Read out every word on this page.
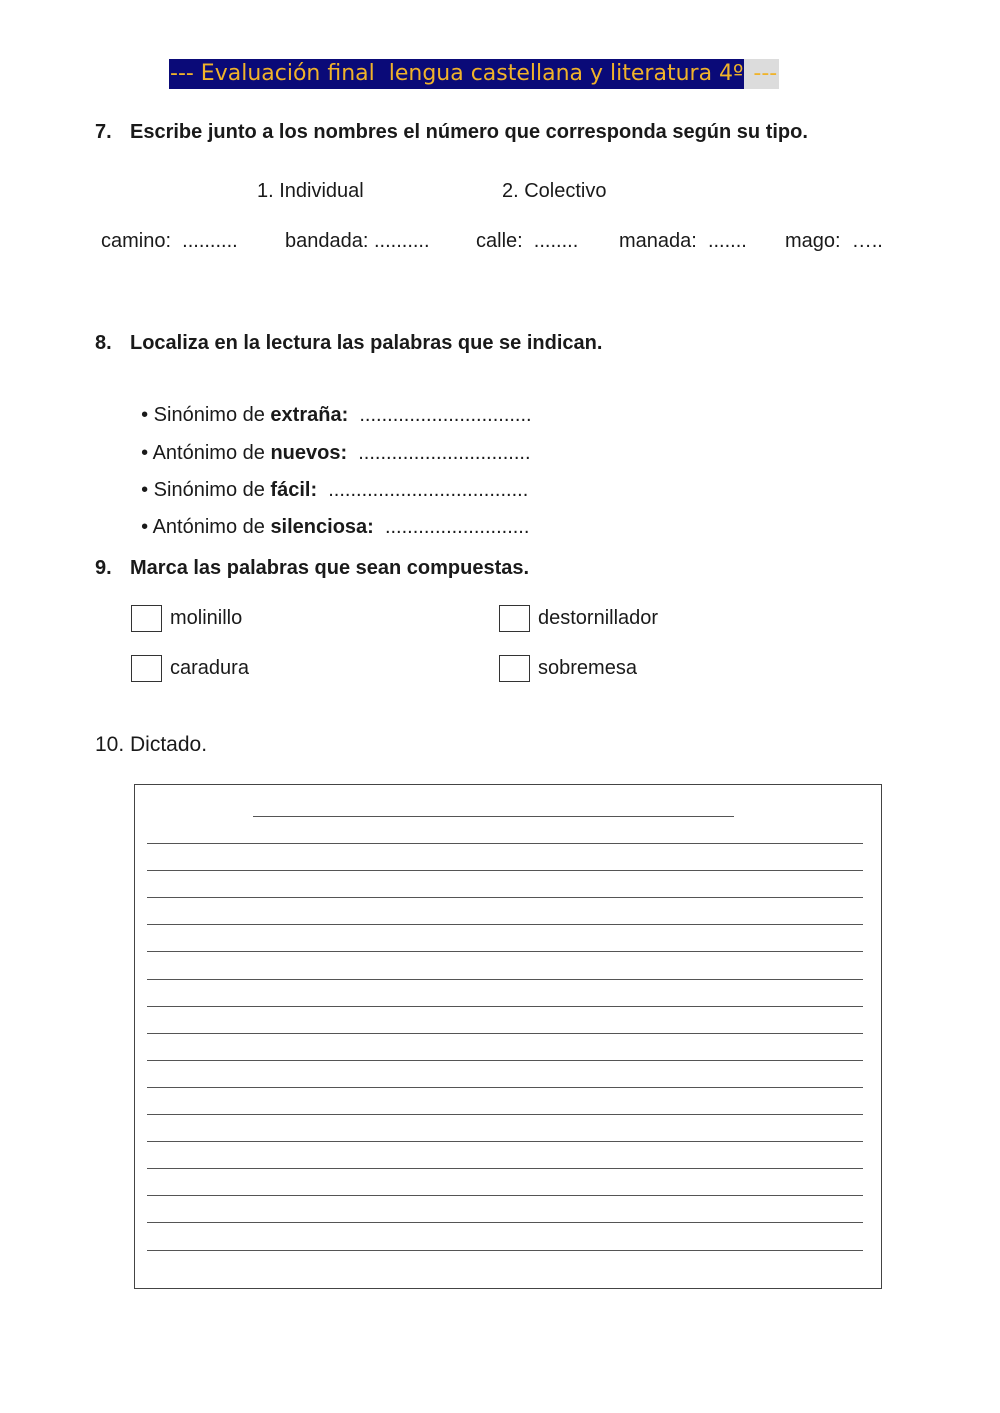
--- Evaluación final  lengua castellana y literatura 4º ---
7. Escribe junto a los nombres el número que corresponda según su tipo.
1. Individual	2. Colectivo
camino:  .......... bandada: .......... calle:  ........ manada:  ....... mago:  …..
8. Localiza en la lectura las palabras que se indican.

• Sinónimo de extraña:  ...............................

• Antónimo de nuevos:  ...............................

• Sinónimo de fácil:  ....................................

• Antónimo de silenciosa:  ..........................

9. Marca las palabras que sean compuestas.
molinillo	destornillador
caradura	sobremesa
10. Dictado.
